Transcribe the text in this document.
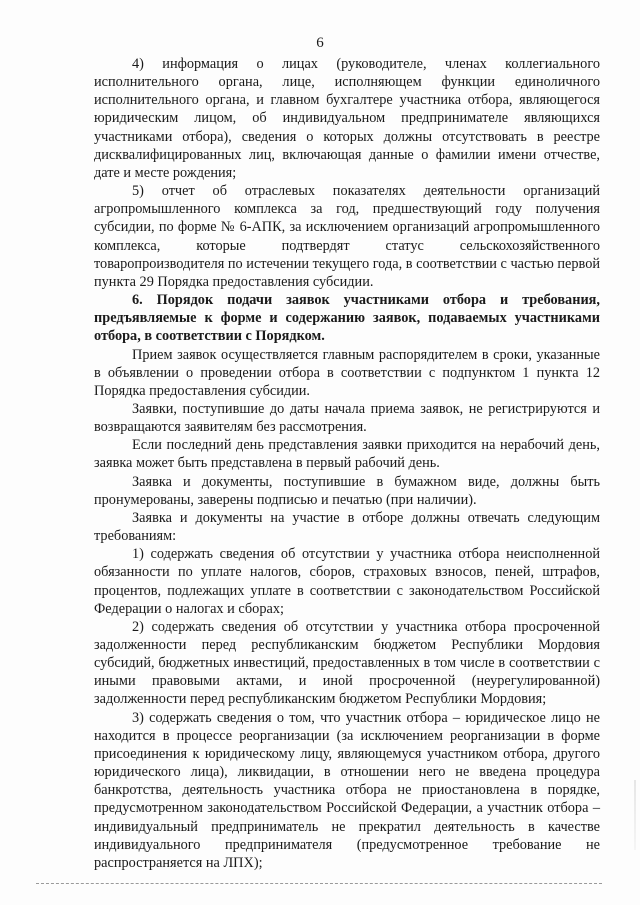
6

4) информация о лицах (руководителе, членах коллегиального исполнительного органа, лице, исполняющем функции единоличного исполнительного органа, и главном бухгалтере участника отбора, являющегося юридическим лицом, об индивидуальном предпринимателе являющихся участниками отбора), сведения о которых должны отсутствовать в реестре дисквалифицированных лиц, включающая данные о фамилии имени отчестве, дате и месте рождения;

5) отчет об отраслевых показателях деятельности организаций агропромышленного комплекса за год, предшествующий году получения субсидии, по форме № 6-АПК, за исключением организаций агропромышленного комплекса, которые подтвердят статус сельскохозяйственного товаропроизводителя по истечении текущего года, в соответствии с частью первой пункта 29 Порядка предоставления субсидии.

6. Порядок подачи заявок участниками отбора и требования, предъявляемые к форме и содержанию заявок, подаваемых участниками отбора, в соответствии с Порядком.

Прием заявок осуществляется главным распорядителем в сроки, указанные в объявлении о проведении отбора в соответствии с подпунктом 1 пункта 12 Порядка предоставления субсидии.

Заявки, поступившие до даты начала приема заявок, не регистрируются и возвращаются заявителям без рассмотрения.

Если последний день представления заявки приходится на нерабочий день, заявка может быть представлена в первый рабочий день.

Заявка и документы, поступившие в бумажном виде, должны быть пронумерованы, заверены подписью и печатью (при наличии).

Заявка и документы на участие в отборе должны отвечать следующим требованиям:

1) содержать сведения об отсутствии у участника отбора неисполненной обязанности по уплате налогов, сборов, страховых взносов, пеней, штрафов, процентов, подлежащих уплате в соответствии с законодательством Российской Федерации о налогах и сборах;

2) содержать сведения об отсутствии у участника отбора просроченной задолженности перед республиканским бюджетом Республики Мордовия субсидий, бюджетных инвестиций, предоставленных в том числе в соответствии с иными правовыми актами, и иной просроченной (неурегулированной) задолженности перед республиканским бюджетом Республики Мордовия;

3) содержать сведения о том, что участник отбора – юридическое лицо не находится в процессе реорганизации (за исключением реорганизации в форме присоединения к юридическому лицу, являющемуся участником отбора, другого юридического лица), ликвидации, в отношении него не введена процедура банкротства, деятельность участника отбора не приостановлена в порядке, предусмотренном законодательством Российской Федерации, а участник отбора – индивидуальный предприниматель не прекратил деятельность в качестве индивидуального предпринимателя (предусмотренное требование не распространяется на ЛПХ);
